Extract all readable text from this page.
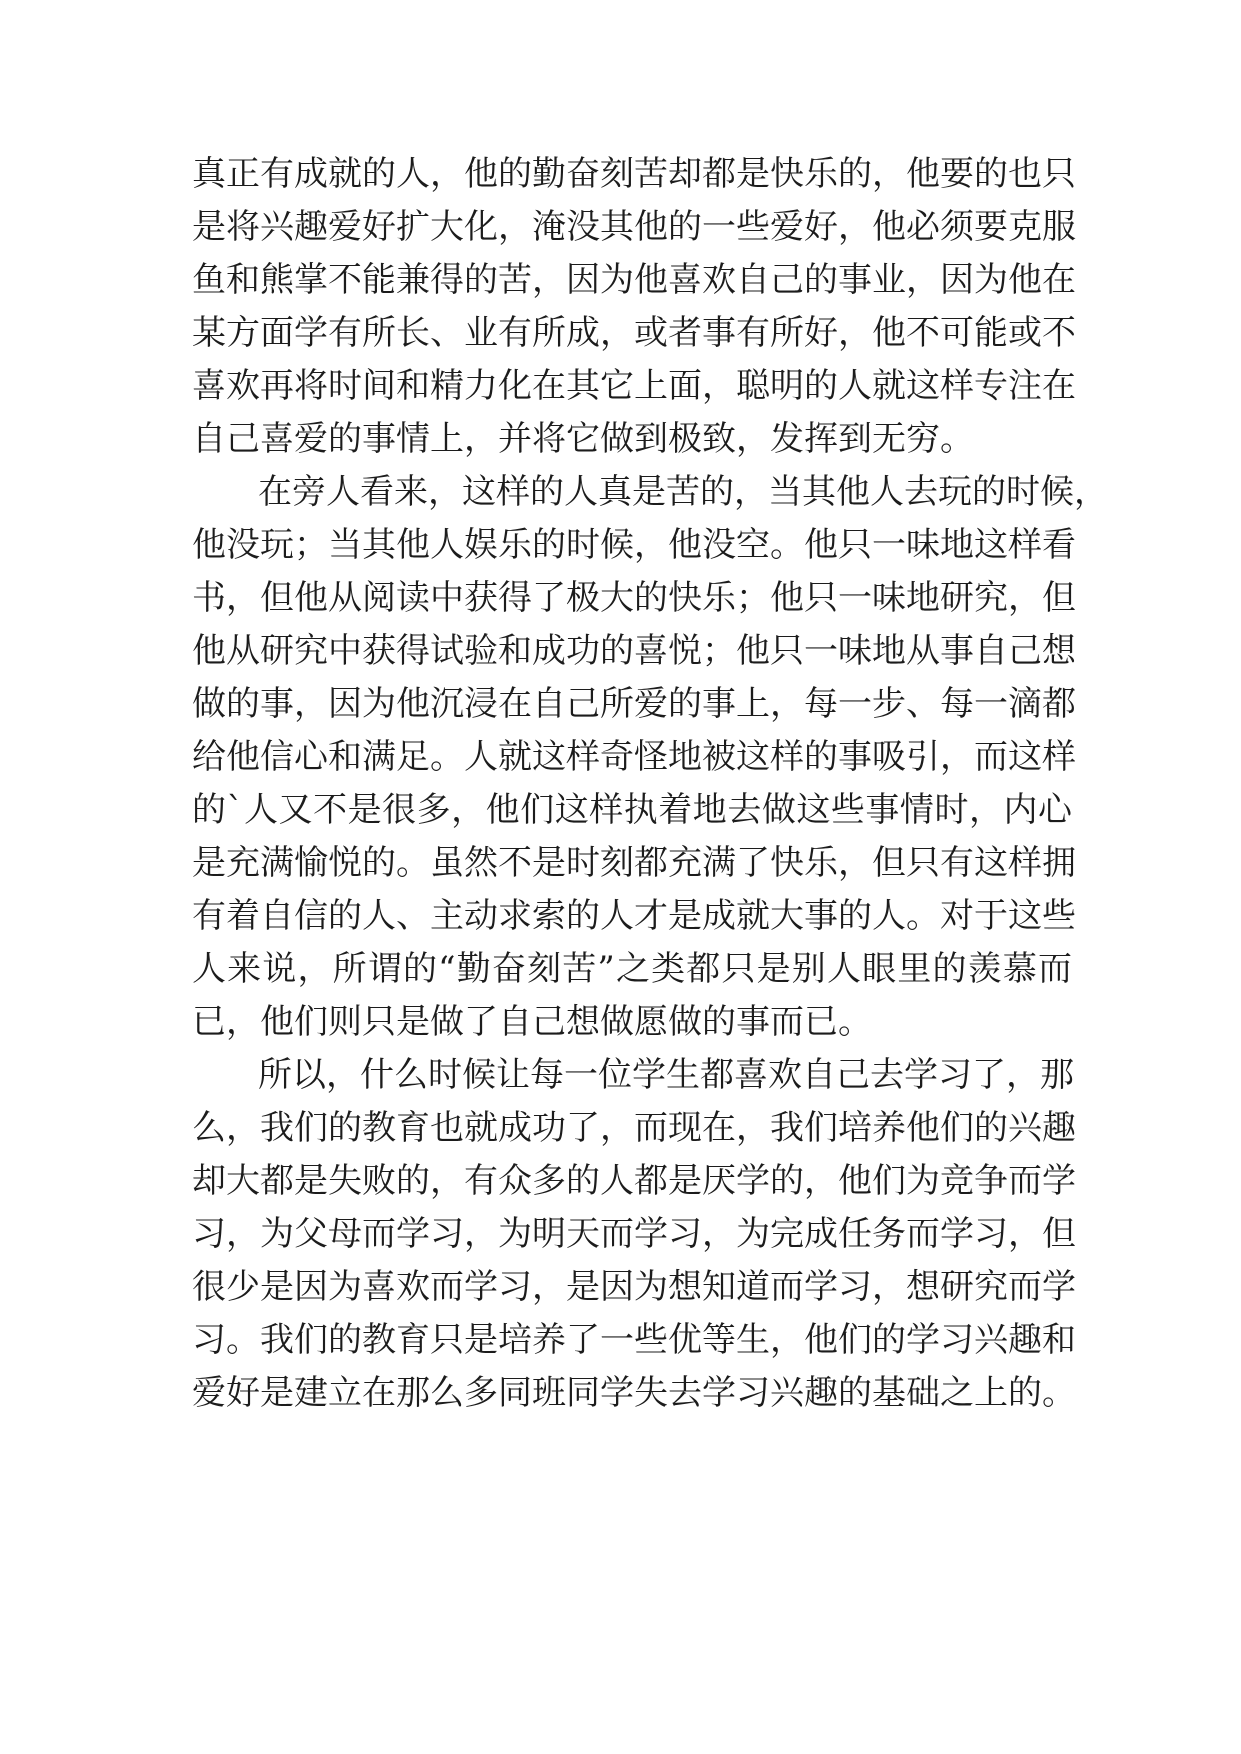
真正有成就的人，他的勤奋刻苦却都是快乐的，他要的也只
是将兴趣爱好扩大化，淹没其他的一些爱好，他必须要克服
鱼和熊掌不能兼得的苦，因为他喜欢自己的事业，因为他在
某方面学有所长、业有所成，或者事有所好，他不可能或不
喜欢再将时间和精力化在其它上面，聪明的人就这样专注在
自己喜爱的事情上，并将它做到极致，发挥到无穷。
在旁人看来，这样的人真是苦的，当其他人去玩的时候，
他没玩；当其他人娱乐的时候，他没空。他只一味地这样看
书，但他从阅读中获得了极大的快乐；他只一味地研究，但
他从研究中获得试验和成功的喜悦；他只一味地从事自己想
做的事，因为他沉浸在自己所爱的事上，每一步、每一滴都
给他信心和满足。人就这样奇怪地被这样的事吸引，而这样
的`人又不是很多，他们这样执着地去做这些事情时，内心
是充满愉悦的。虽然不是时刻都充满了快乐，但只有这样拥
有着自信的人、主动求索的人才是成就大事的人。对于这些
人来说，所谓的“勤奋刻苦”之类都只是别人眼里的羡慕而
已，他们则只是做了自己想做愿做的事而已。
所以，什么时候让每一位学生都喜欢自己去学习了，那
么，我们的教育也就成功了，而现在，我们培养他们的兴趣
却大都是失败的，有众多的人都是厌学的，他们为竞争而学
习，为父母而学习，为明天而学习，为完成任务而学习，但
很少是因为喜欢而学习，是因为想知道而学习，想研究而学
习。我们的教育只是培养了一些优等生，他们的学习兴趣和
爱好是建立在那么多同班同学失去学习兴趣的基础之上的。
